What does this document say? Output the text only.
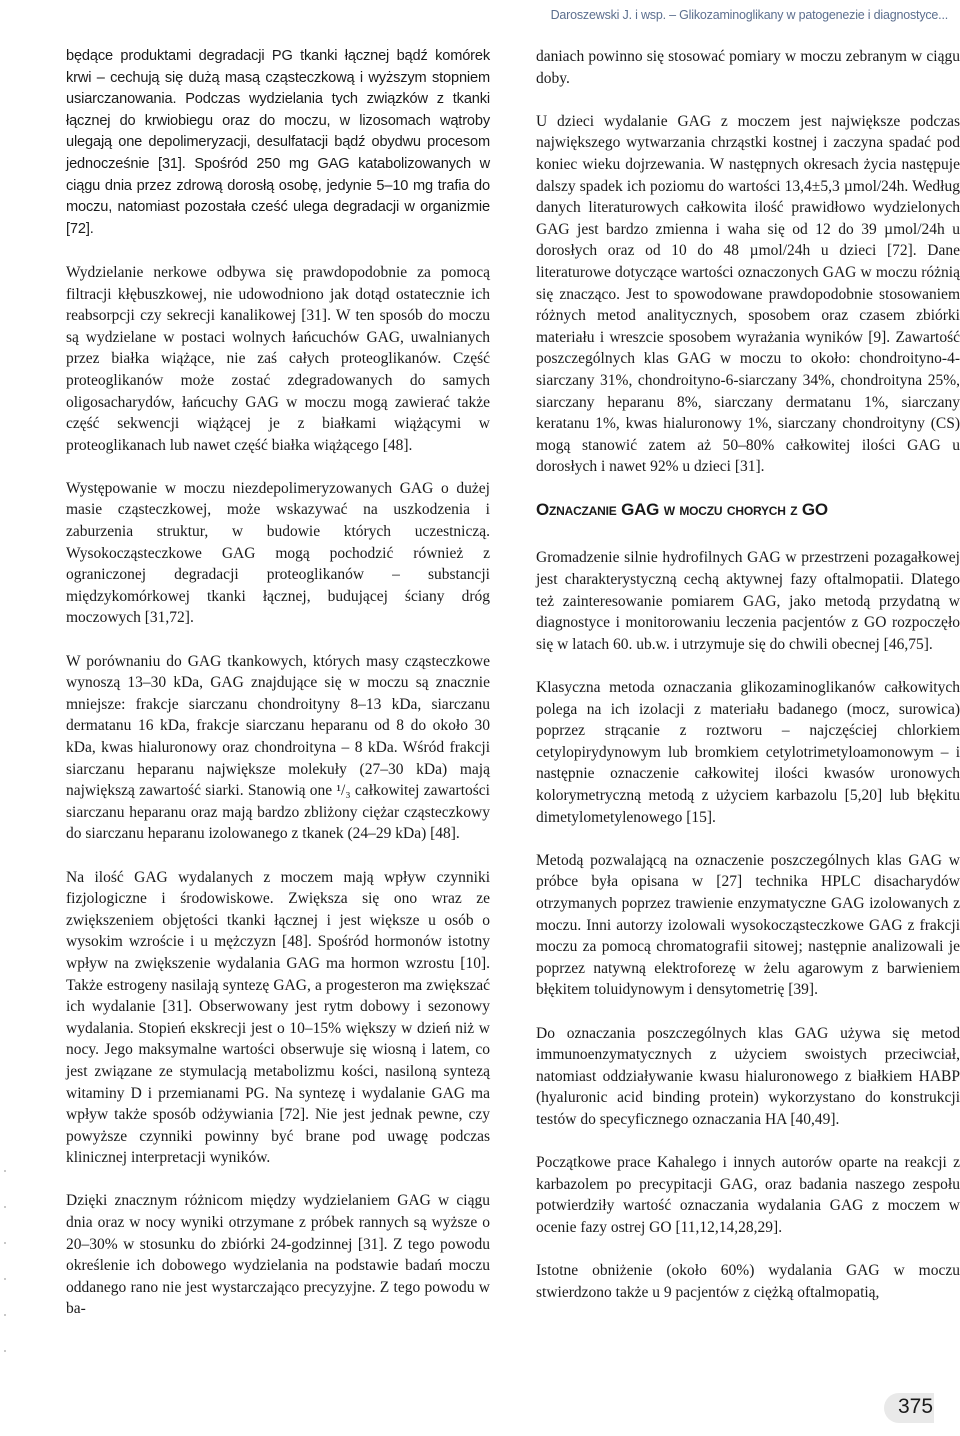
Daroszewski J. i wsp. – Glikozaminoglikany w patogenezie i diagnostyce...

będące produktami degradacji PG tkanki łącznej bądź komórek krwi – cechują się dużą masą cząsteczkową i wyższym stopniem usiarczanowania. Podczas wydzielania tych związków z tkanki łącznej do krwiobiegu oraz do moczu, w lizosomach wątroby ulegają one depolimeryzacji, desulfatacji bądź obydwu procesom jednocześnie [31]. Spośród 250 mg GAG katabolizowanych w ciągu dnia przez zdrową dorosłą osobę, jedynie 5–10 mg trafia do moczu, natomiast pozostała cześć ulega degradacji w organizmie [72].

Wydzielanie nerkowe odbywa się prawdopodobnie za pomocą filtracji kłębuszkowej, nie udowodniono jak dotąd ostatecznie ich reabsorpcji czy sekrecji kanalikowej [31]. W ten sposób do moczu są wydzielane w postaci wolnych łańcuchów GAG, uwalnianych przez białka wiążące, nie zaś całych proteoglikanów. Część proteoglikanów może zostać zdegradowanych do samych oligosacharydów, łańcuchy GAG w moczu mogą zawierać także część sekwencji wiążącej je z białkami wiążącymi w proteoglikanach lub nawet część białka wiążącego [48].

Występowanie w moczu niezdepolimeryzowanych GAG o dużej masie cząsteczkowej, może wskazywać na uszkodzenia i zaburzenia struktur, w budowie których uczestniczą. Wysokocząsteczkowe GAG mogą pochodzić również z ograniczonej degradacji proteoglikanów – substancji międzykomórkowej tkanki łącznej, budującej ściany dróg moczowych [31,72].

W porównaniu do GAG tkankowych, których masy cząsteczkowe wynoszą 13–30 kDa, GAG znajdujące się w moczu są znacznie mniejsze: frakcje siarczanu chondroityny 8–13 kDa, siarczanu dermatanu 16 kDa, frakcje siarczanu heparanu od 8 do około 30 kDa, kwas hialuronowy oraz chondroityna – 8 kDa. Wśród frakcji siarczanu heparanu największe molekuły (27–30 kDa) mają największą zawartość siarki. Stanowią one ¹/₃ całkowitej zawartości siarczanu heparanu oraz mają bardzo zbliżony ciężar cząsteczkowy do siarczanu heparanu izolowanego z tkanek (24–29 kDa) [48].

Na ilość GAG wydalanych z moczem mają wpływ czynniki fizjologiczne i środowiskowe. Zwiększa się ono wraz ze zwiększeniem objętości tkanki łącznej i jest większe u osób o wysokim wzroście i u mężczyzn [48]. Spośród hormonów istotny wpływ na zwiększenie wydalania GAG ma hormon wzrostu [10]. Także estrogeny nasilają syntezę GAG, a progesteron ma zwiększać ich wydalanie [31]. Obserwowany jest rytm dobowy i sezonowy wydalania. Stopień ekskrecji jest o 10–15% większy w dzień niż w nocy. Jego maksymalne wartości obserwuje się wiosną i latem, co jest związane ze stymulacją metabolizmu kości, nasiloną syntezą witaminy D i przemianami PG. Na syntezę i wydalanie GAG ma wpływ także sposób odżywiania [72]. Nie jest jednak pewne, czy powyższe czynniki powinny być brane pod uwagę podczas klinicznej interpretacji wyników.

Dzięki znacznym różnicom między wydzielaniem GAG w ciągu dnia oraz w nocy wyniki otrzymane z próbek rannych są wyższe o 20–30% w stosunku do zbiórki 24-godzinnej [31]. Z tego powodu określenie ich dobowego wydzielania na podstawie badań moczu oddanego rano nie jest wystarczająco precyzyjne. Z tego powodu w ba-

daniach powinno się stosować pomiary w moczu zebranym w ciągu doby.

U dzieci wydalanie GAG z moczem jest największe podczas największego wytwarzania chrząstki kostnej i zaczyna spadać pod koniec wieku dojrzewania. W następnych okresach życia następuje dalszy spadek ich poziomu do wartości 13,4±5,3 µmol/24h. Według danych literaturowych całkowita ilość prawidłowo wydzielonych GAG jest bardzo zmienna i waha się od 12 do 39 µmol/24h u dorosłych oraz od 10 do 48 µmol/24h u dzieci [72]. Dane literaturowe dotyczące wartości oznaczonych GAG w moczu różnią się znacząco. Jest to spowodowane prawdopodobnie stosowaniem różnych metod analitycznych, sposobem oraz czasem zbiórki materiału i wreszcie sposobem wyrażania wyników [9]. Zawartość poszczególnych klas GAG w moczu to około: chondroityno-4-siarczany 31%, chondroityno-6-siarczany 34%, chondroityna 25%, siarczany heparanu 8%, siarczany dermatanu 1%, siarczany keratanu 1%, kwas hialuronowy 1%, siarczany chondroityny (CS) mogą stanowić zatem aż 50–80% całkowitej ilości GAG u dorosłych i nawet 92% u dzieci [31].

Oznaczanie GAG w moczu chorych z GO

Gromadzenie silnie hydrofilnych GAG w przestrzeni pozagałkowej jest charakterystyczną cechą aktywnej fazy oftalmopatii. Dlatego też zainteresowanie pomiarem GAG, jako metodą przydatną w diagnostyce i monitorowaniu leczenia pacjentów z GO rozpoczęło się w latach 60. ub.w. i utrzymuje się do chwili obecnej [46,75].

Klasyczna metoda oznaczania glikozaminoglikanów całkowitych polega na ich izolacji z materiału badanego (mocz, surowica) poprzez strącanie z roztworu – najczęściej chlorkiem cetylopirydynowym lub bromkiem cetylotrimetyloamonowym – i następnie oznaczenie całkowitej ilości kwasów uronowych kolorymetryczną metodą z użyciem karbazolu [5,20] lub błękitu dimetylometylenowego [15].

Metodą pozwalającą na oznaczenie poszczególnych klas GAG w próbce była opisana w [27] technika HPLC disacharydów otrzymanych poprzez trawienie enzymatyczne GAG izolowanych z moczu. Inni autorzy izolowali wysokocząsteczkowe GAG z frakcji moczu za pomocą chromatografii sitowej; następnie analizowali je poprzez natywną elektroforezę w żelu agarowym z barwieniem błękitem toluidynowym i densytometrię [39].

Do oznaczania poszczególnych klas GAG używa się metod immunoenzymatycznych z użyciem swoistych przeciwciał, natomiast oddziaływanie kwasu hialuronowego z białkiem HABP (hyaluronic acid binding protein) wykorzystano do konstrukcji testów do specyficznego oznaczania HA [40,49].

Początkowe prace Kahalego i innych autorów oparte na reakcji z karbazolem po precypitacji GAG, oraz badania naszego zespołu potwierdziły wartość oznaczania wydalania GAG z moczem w ocenie fazy ostrej GO [11,12,14,28,29].

Istotne obniżenie (około 60%) wydalania GAG w moczu stwierdzono także u 9 pacjentów z ciężką oftalmopatią,

375
